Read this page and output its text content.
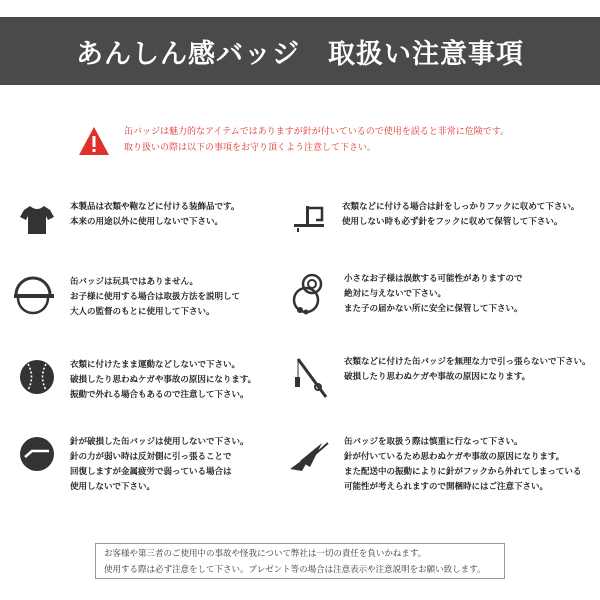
あんしん感バッジ　取扱い注意事項
缶バッジは魅力的なアイテムではありますが針が付いているので使用を誤ると非常に危険です。
取り扱いの際は以下の事項をお守り頂くよう注意して下さい。
本製品は衣類や鞄などに付ける装飾品です。
本来の用途以外に使用しないで下さい。
衣類などに付ける場合は針をしっかりフックに収めて下さい。
使用しない時も必ず針をフックに収めて保管して下さい。
缶バッジは玩具ではありません。
お子様に使用する場合は取扱方法を説明して
大人の監督のもとに使用して下さい。
小さなお子様は誤飲する可能性がありますので
絶対に与えないで下さい。
また子の届かない所に安全に保管して下さい。
衣類に付けたまま運動などしないで下さい。
破損したり思わぬケガや事故の原因になります。
振動で外れる場合もあるので注意して下さい。
衣類などに付けた缶バッジを無理な力で引っ張らないで下さい。
破損したり思わぬケガや事故の原因になります。
針が破損した缶バッジは使用しないで下さい。
針の力が弱い時は反対側に引っ張ることで
回復しますが金属疲労で弱っている場合は
使用しないで下さい。
缶バッジを取扱う際は慎重に行なって下さい。
針が付いているため思わぬケガや事故の原因になります。
また配送中の振動によりに針がフックから外れてしまっている
可能性が考えられますので開梱時にはご注意下さい。
お客様や第三者のご使用中の事故や怪我について弊社は一切の責任を負いかねます。
使用する際は必ず注意をして下さい。プレゼント等の場合は注意表示や注意説明をお願い致します。
